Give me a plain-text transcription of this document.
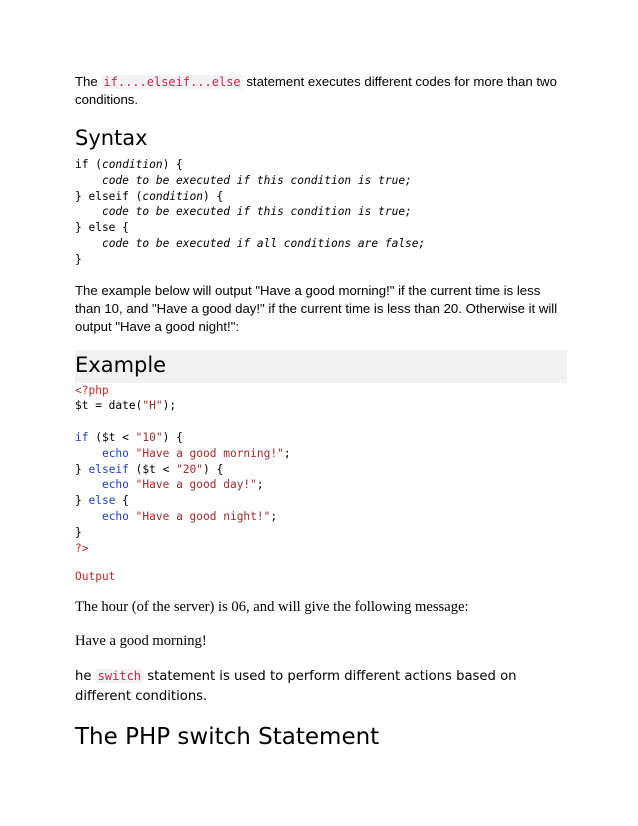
The if....elseif...else statement executes different codes for more than two conditions.

Syntax
if (condition) {
code to be executed if this condition is true;
} elseif (condition) {
code to be executed if this condition is true;
} else {
code to be executed if all conditions are false;
}

The example below will output "Have a good morning!" if the current time is less than 10, and "Have a good day!" if the current time is less than 20. Otherwise it will output "Have a good night!":

Example
<?php
$t = date("H");

if ($t < "10") {
echo "Have a good morning!";
} elseif ($t < "20") {
echo "Have a good day!";
} else {
echo "Have a good night!";
}
?>
Output
The hour (of the server) is 06, and will give the following message:
Have a good morning!
he switch statement is used to perform different actions based on different conditions.
The PHP switch Statement
